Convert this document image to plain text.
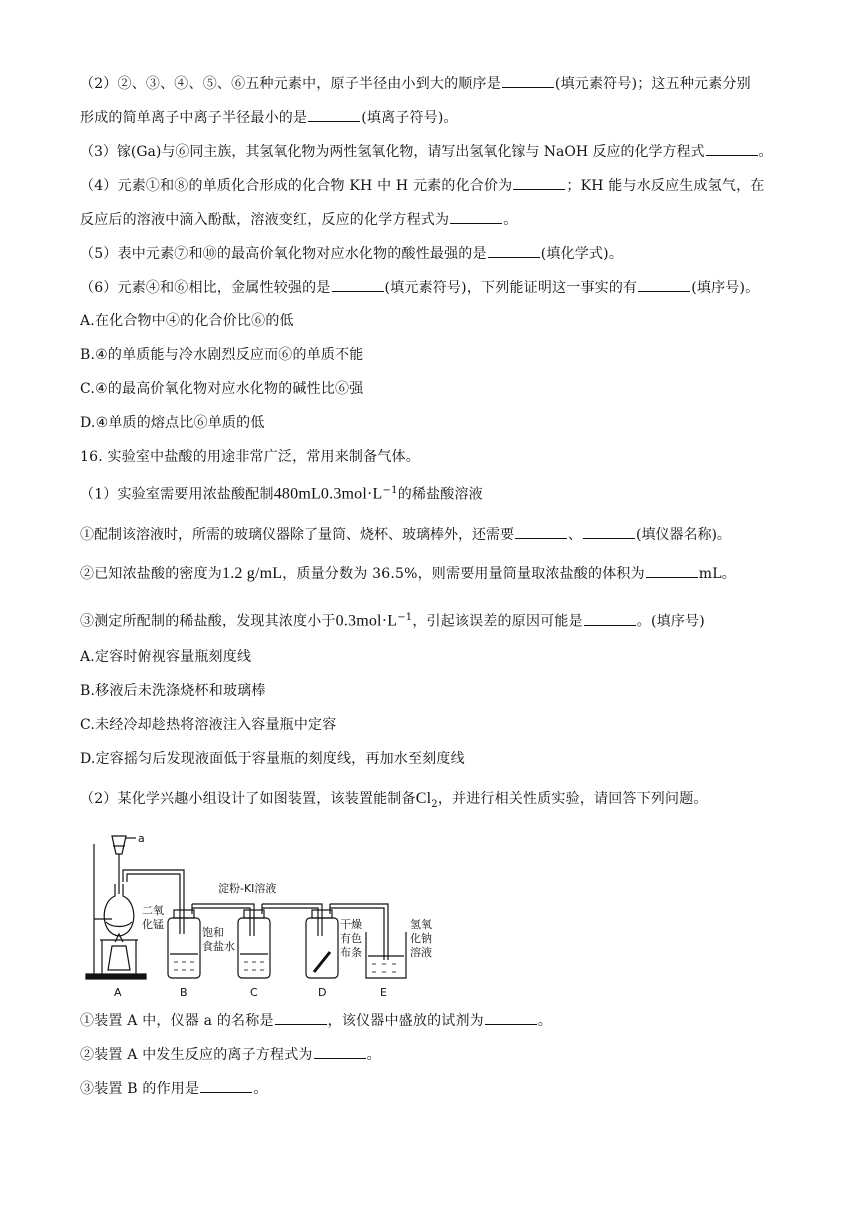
（2）②、③、④、⑤、⑥五种元素中，原子半径由小到大的顺序是	(填元素符号)；这五种元素分别
形成的简单离子中离子半径最小的是	(填离子符号)。
（3）镓(Ga)与⑥同主族，其氢氧化物为两性氢氧化物，请写出氢氧化镓与 NaOH 反应的化学方程式	。
（4）元素①和⑧的单质化合形成的化合物 KH 中 H 元素的化合价为	；KH 能与水反应生成氢气，在
反应后的溶液中滴入酚酞，溶液变红，反应的化学方程式为	。
（5）表中元素⑦和⑩的最高价氧化物对应水化物的酸性最强的是	(填化学式)。
（6）元素④和⑥相比，金属性较强的是	(填元素符号)，下列能证明这一事实的有	(填序号)。
A.在化合物中④的化合价比⑥的低
B.④的单质能与冷水剧烈反应而⑥的单质不能
C.④的最高价氧化物对应水化物的碱性比⑥强
D.④单质的熔点比⑥单质的低
16. 实验室中盐酸的用途非常广泛，常用来制备气体。
（1）实验室需要用浓盐酸配制$480mL0.3mol\cdot L^{-1}$的稀盐酸溶液
①配制该溶液时，所需的玻璃仪器除了量筒、烧杯、玻璃棒外，还需要	、	(填仪器名称)。
②已知浓盐酸的密度为1.2 g/mL，质量分数为 36.5%，则需要用量筒量取浓盐酸的体积为	mL。
③测定所配制的稀盐酸，发现其浓度小于$0.3mol\cdot L^{-1}$，引起该误差的原因可能是	。(填序号)
A.定容时俯视容量瓶刻度线
B.移液后未洗涤烧杯和玻璃棒
C.未经冷却趁热将溶液注入容量瓶中定容
D.定容摇匀后发现液面低于容量瓶的刻度线，再加水至刻度线
（2）某化学兴趣小组设计了如图装置，该装置能制备$Cl_2$，并进行相关性质实验，请回答下列问题。
a
二氧
化锰
淀粉-KI溶液
饱和
食盐水
干燥
有色
布条
氢氧
化钠
溶液
A	B	C	D	E
①装置 A 中，仪器 a 的名称是	，该仪器中盛放的试剂为	。
②装置 A 中发生反应的离子方程式为	。
③装置 B 的作用是	。
